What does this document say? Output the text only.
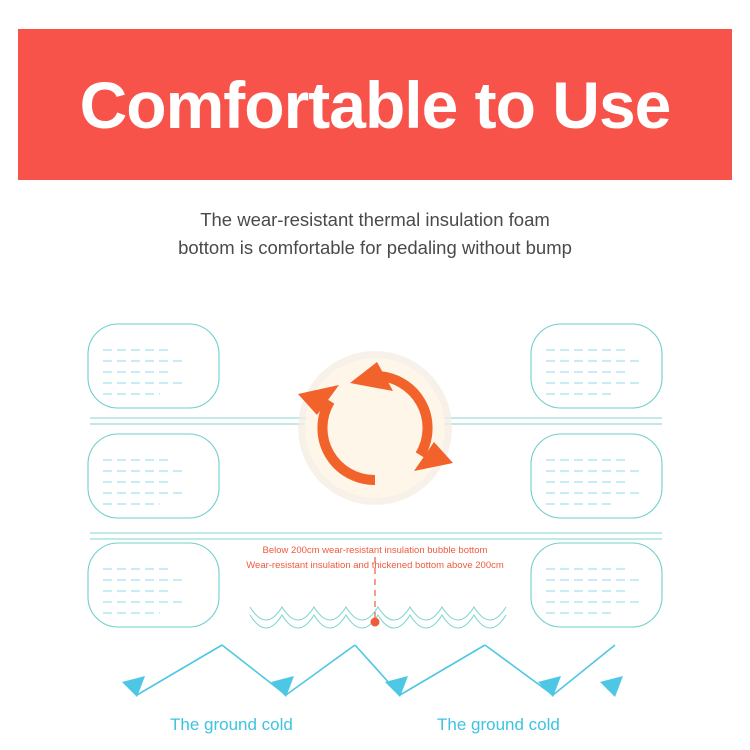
Comfortable to Use
The wear-resistant thermal insulation foam
bottom is comfortable for pedaling without bump
Below 200cm wear-resistant insulation bubble bottom
Wear-resistant insulation and thickened bottom above 200cm
The ground cold	The ground cold
